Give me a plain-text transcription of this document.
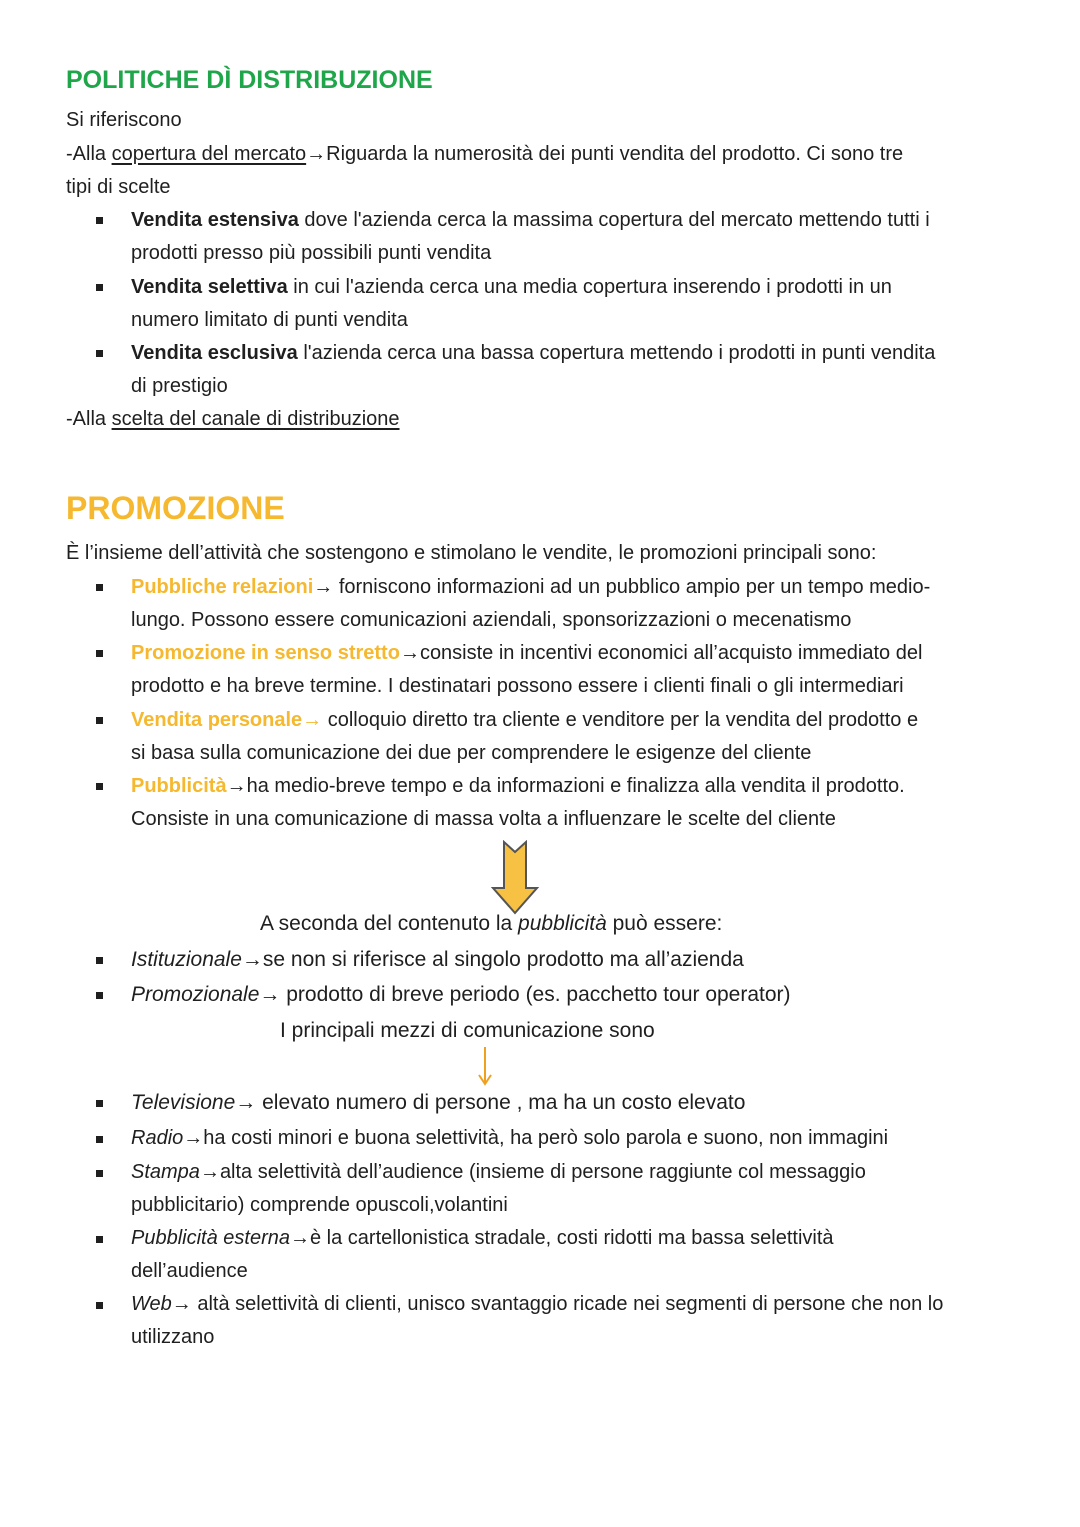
POLITICHE DÌ DISTRIBUZIONE
Si riferiscono
-Alla copertura del mercato→Riguarda la numerosità dei punti vendita del prodotto. Ci sono tre
tipi di scelte
Vendita estensiva dove l'azienda cerca la massima copertura del mercato mettendo tutti i
prodotti presso più possibili punti vendita
Vendita selettiva in cui l'azienda cerca una media copertura inserendo i prodotti in un
numero limitato di punti vendita
Vendita esclusiva l'azienda cerca una bassa copertura mettendo i prodotti in punti vendita
di prestigio
-Alla scelta del canale di distribuzione
PROMOZIONE
È l’insieme dell’attività che sostengono e stimolano le vendite, le promozioni principali sono:
Pubbliche relazioni→ forniscono informazioni ad un pubblico ampio per un tempo medio-
lungo. Possono essere comunicazioni aziendali, sponsorizzazioni o mecenatismo
Promozione in senso stretto→consiste in incentivi economici all’acquisto immediato del
prodotto e ha breve termine. I destinatari possono essere i clienti finali o gli intermediari
Vendita personale→ colloquio diretto tra cliente e venditore per la vendita del prodotto e
si basa sulla comunicazione dei due per comprendere le esigenze del cliente
Pubblicità→ha medio-breve tempo e da informazioni e finalizza alla vendita il prodotto.
Consiste in una comunicazione di massa volta a influenzare le scelte del cliente
A seconda del contenuto la pubblicità può essere:
Istituzionale→se non si riferisce al singolo prodotto ma all’azienda
Promozionale→ prodotto di breve periodo (es. pacchetto tour operator)
I principali mezzi di comunicazione sono
Televisione→ elevato numero di persone , ma ha un costo elevato
Radio→ha costi minori e buona selettività, ha però solo parola e suono, non immagini
Stampa→alta selettività dell’audience (insieme di persone raggiunte col messaggio
pubblicitario) comprende opuscoli,volantini
Pubblicità esterna→è la cartellonistica stradale, costi ridotti ma bassa selettività
dell’audience
Web→ altà selettività di clienti, unisco svantaggio ricade nei segmenti di persone che non lo
utilizzano
